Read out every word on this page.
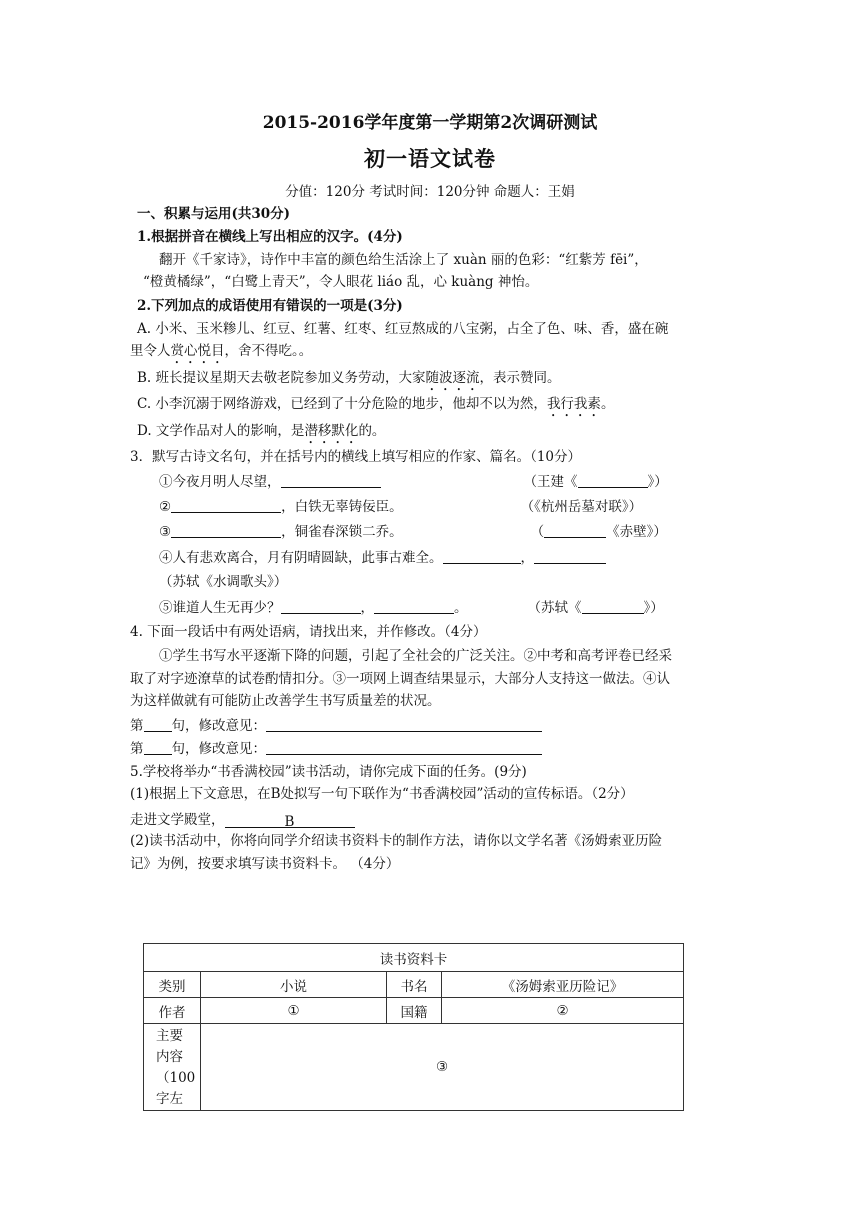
2015-2016学年度第一学期第2次调研测试
初一语文试卷
分值：120分 考试时间：120分钟 命题人：王娟
一、积累与运用(共30分)
1.根据拼音在横线上写出相应的汉字。(4分)
翻开《千家诗》，诗作中丰富的颜色给生活涂上了 xuàn 丽的色彩：“红紫芳 fēi”，
“橙黄橘绿”，“白鹭上青天”，令人眼花 liáo 乱，心 kuàng 神怡。
2.下列加点的成语使用有错误的一项是(3分)
A. 小米、玉米糁儿、红豆、红薯、红枣、红豆熬成的八宝粥，占全了色、味、香，盛在碗
里令人赏心悦目，舍不得吃。。
B. 班长提议星期天去敬老院参加义务劳动，大家随波逐流，表示赞同。
C. 小李沉溺于网络游戏，已经到了十分危险的地步，他却不以为然，我行我素。
D. 文学作品对人的影响，是潜移默化的。
3．默写古诗文名句，并在括号内的横线上填写相应的作家、篇名。（10分）
①今夜月明人尽望，	（王建《	》）
②	，白铁无辜铸佞臣。	（《杭州岳墓对联》）
③	，铜雀春深锁二乔。	（	《赤壁》）
④人有悲欢离合，月有阴晴圆缺，此事古难全。	，
（苏轼《水调歌头》）
⑤谁道人生无再少？	，	。	（苏轼《	》）
4. 下面一段话中有两处语病，请找出来，并作修改。（4分）
①学生书写水平逐渐下降的问题，引起了全社会的广泛关注。②中考和高考评卷已经采
取了对字迹潦草的试卷酌情扣分。③一项网上调查结果显示，大部分人支持这一做法。④认
为这样做就有可能防止改善学生书写质量差的状况。
第 句，修改意见：
第 句，修改意见：
5.学校将举办“书香满校园”读书活动，请你完成下面的任务。(9分)
(1)根据上下文意思，在B处拟写一句下联作为“书香满校园”活动的宣传标语。（2分）
走进文学殿堂，	B
(2)读书活动中，你将向同学介绍读书资料卡的制作方法，请你以文学名著《汤姆索亚历险
记》为例，按要求填写读书资料卡。 （4分）
读书资料卡			
类别	小说	书名	《汤姆索亚历险记》
作者	①	国籍	②
主要内容（100字左	③		
